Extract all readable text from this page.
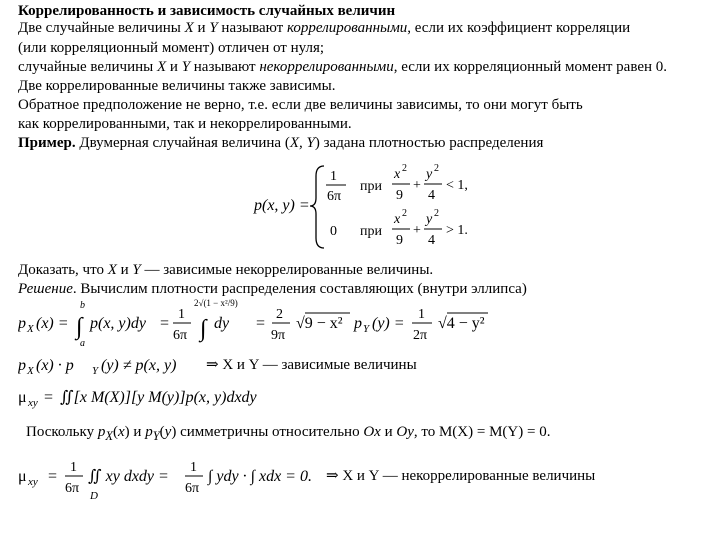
Коррелированность и зависимость случайных величин
Две случайные величины X и Y называют коррелированными, если их коэффициент корреляции
(или корреляционный момент) отличен от нуля;
случайные величины X и Y называют некоррелированными, если их корреляционный момент равен 0.
Две коррелированные величины также зависимы.
Обратное предположение не верно, т.е. если две величины зависимы, то они могут быть
как коррелированными, так и некоррелированными.
Пример. Двумерная случайная величина (X, Y) задана плотностью распределения
p(x, y) =
1
6π
при
x 2
9
+
y 2
4
< 1,
0 при
x 2
9
+
y 2
4
> 1.
Доказать, что X и Y — зависимые некоррелированные величины.
Решение. Вычислим плотности распределения составляющих (внутри эллипса)
p X (x) =
b
∫
a
p(x, y)dy =
1
6π
2√(1 − x²/9)
∫ dy =
2
9π
√9 − x² p Y (y) =
1
2π
√4 − y²
p X (x) · p Y (y) ≠ p(x, y) ⇒ X и Y — зависимые величины
μ xy = ∬[x M(X)][y M(y)]p(x, y)dxdy
Поскольку $p_X(x)$ и $p_Y(y)$ симметричны относительно Ox и Oy, то M(X) = M(Y) = 0.
μ xy =
1
6π
∬ xy dxdy =
D
1
6π
∫ ydy · ∫ xdx = 0. ⇒ X и Y — некоррелированные величины
